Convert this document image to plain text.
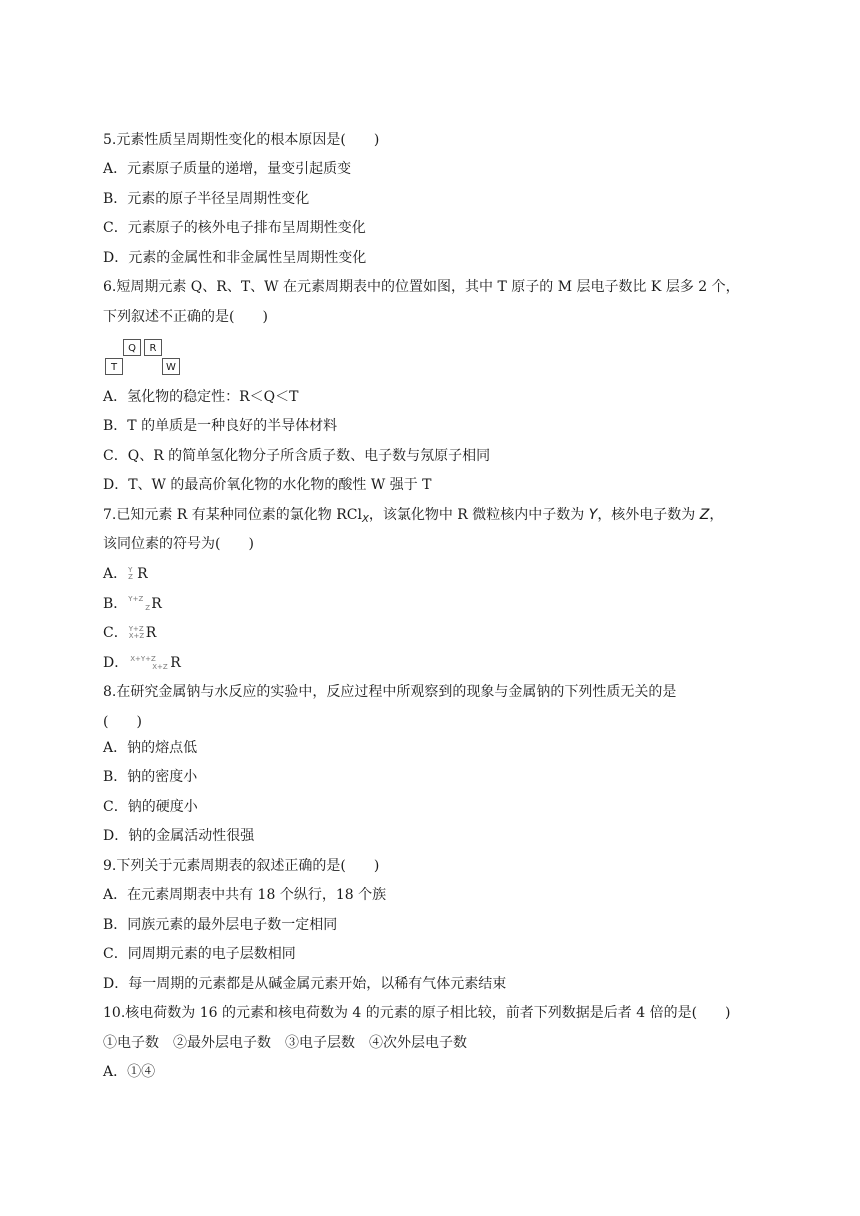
5.元素性质呈周期性变化的根本原因是(　　)
A．元素原子质量的递增，量变引起质变
B．元素的原子半径呈周期性变化
C．元素原子的核外电子排布呈周期性变化
D．元素的金属性和非金属性呈周期性变化
6.短周期元素 Q、R、T、W 在元素周期表中的位置如图，其中 T 原子的 M 层电子数比 K 层多 2 个，
下列叙述不正确的是(　　)
Q	R
T	W
A．氢化物的稳定性：R＜Q＜T
B．T 的单质是一种良好的半导体材料
C．Q、R 的简单氢化物分子所含质子数、电子数与氖原子相同
D．T、W 的最高价氧化物的水化物的酸性 W 强于 T
7.已知元素 R 有某种同位素的氯化物 RCl$_X$，该氯化物中 R 微粒核内中子数为 Y，核外电子数为 Z，
该同位素的符号为(　　)
A． Y
Z R
B． Y+Z
Z R
C． Y+Z
X+Z R
D． X+Y+Z
X+Z R
8.在研究金属钠与水反应的实验中，反应过程中所观察到的现象与金属钠的下列性质无关的是
(　　)
A．钠的熔点低
B．钠的密度小
C．钠的硬度小
D．钠的金属活动性很强
9.下列关于元素周期表的叙述正确的是(　　)
A．在元素周期表中共有 18 个纵行，18 个族
B．同族元素的最外层电子数一定相同
C．同周期元素的电子层数相同
D．每一周期的元素都是从碱金属元素开始，以稀有气体元素结束
10.核电荷数为 16 的元素和核电荷数为 4 的元素的原子相比较，前者下列数据是后者 4 倍的是(　　)
①电子数　②最外层电子数　③电子层数　④次外层电子数
A．①④
